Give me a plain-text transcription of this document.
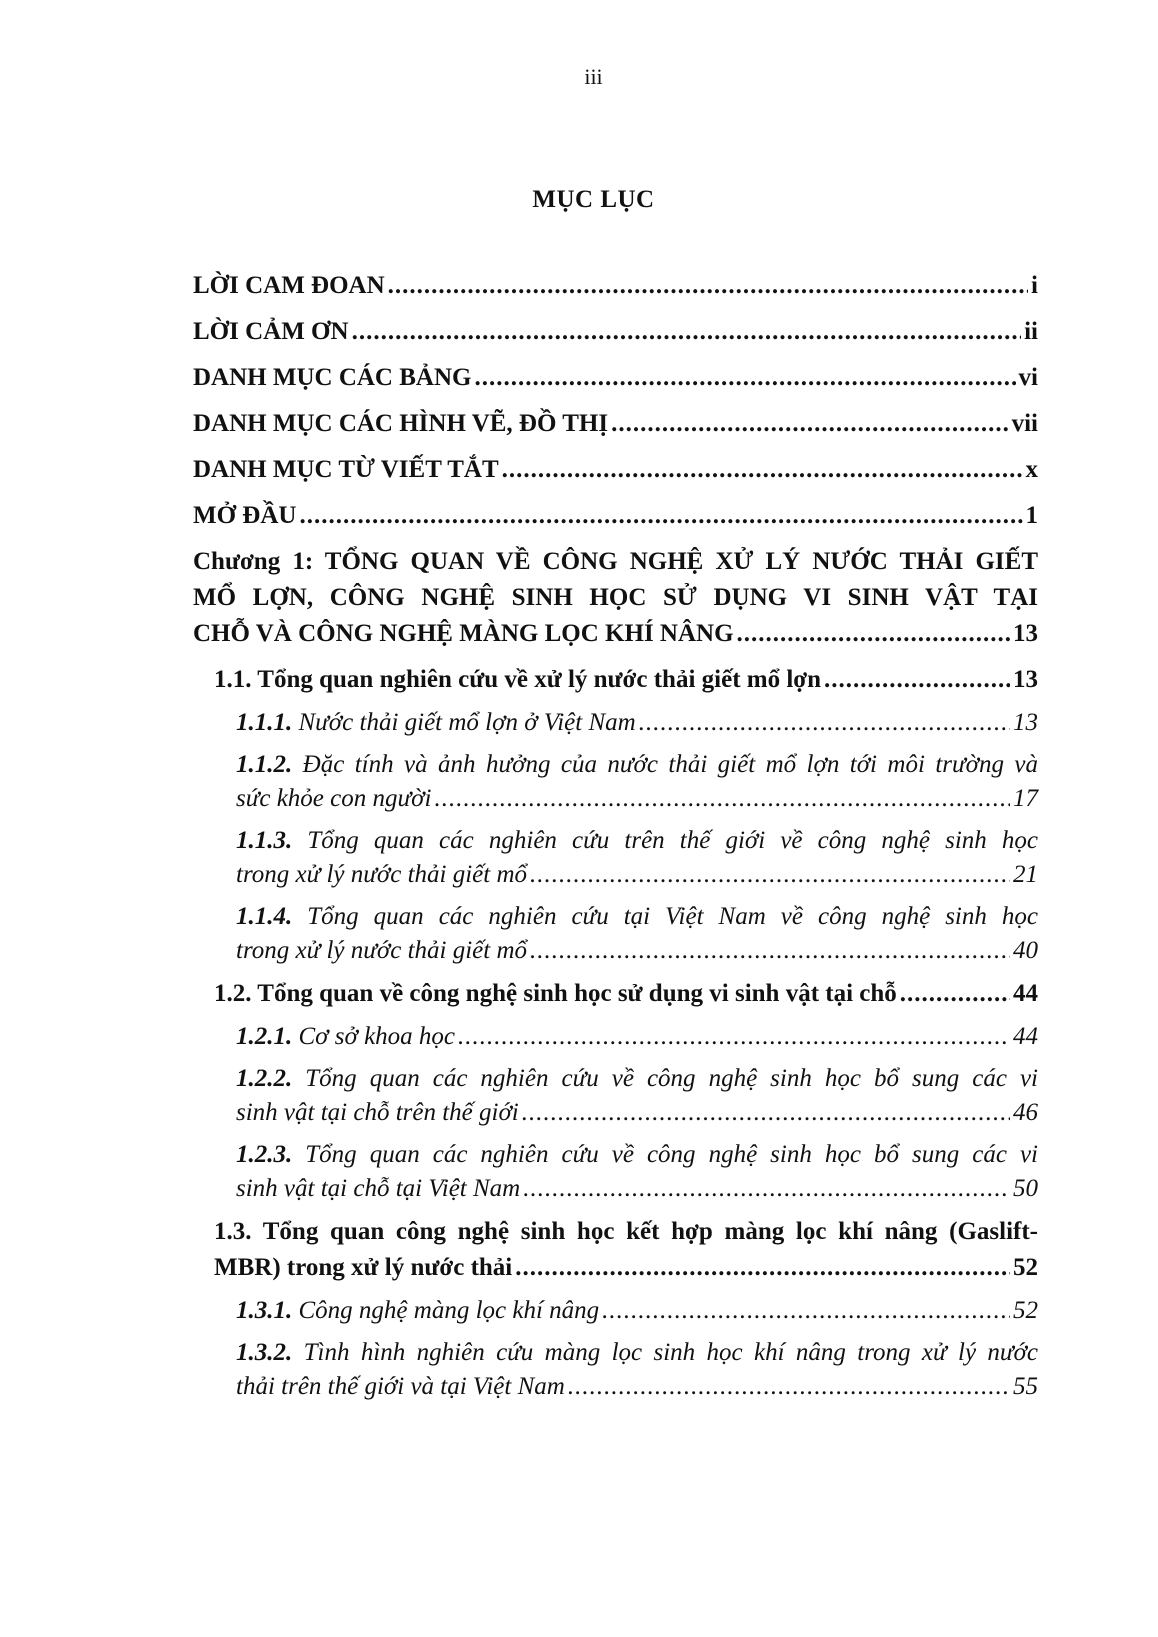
iii
MỤC LỤC
LỜI CAM ĐOAN .....	i
LỜI CẢM ƠN .....	ii
DANH MỤC CÁC BẢNG .....	vi
DANH MỤC CÁC HÌNH VẼ, ĐỒ THỊ .....	vii
DANH MỤC TỪ VIẾT TẮT .....	x
MỞ ĐẦU .....	1
Chương 1: TỔNG QUAN VỀ CÔNG NGHỆ XỬ LÝ NƯỚC THẢI GIẾT
MỔ LỢN, CÔNG NGHỆ SINH HỌC SỬ DỤNG VI SINH VẬT TẠI
CHỖ VÀ CÔNG NGHỆ MÀNG LỌC KHÍ NÂNG .....	13
1.1. Tổng quan nghiên cứu về xử lý nước thải giết mổ lợn .....	13
1.1.1. Nước thải giết mổ lợn ở Việt Nam .....	13
1.1.2. Đặc tính và ảnh hưởng của nước thải giết mổ lợn tới môi trường và
sức khỏe con người .....	17
1.1.3. Tổng quan các nghiên cứu trên thế giới về công nghệ sinh học
trong xử lý nước thải giết mổ .....	21
1.1.4. Tổng quan các nghiên cứu tại Việt Nam về công nghệ sinh học
trong xử lý nước thải giết mổ .....	40
1.2. Tổng quan về công nghệ sinh học sử dụng vi sinh vật tại chỗ .....	44
1.2.1. Cơ sở khoa học .....	44
1.2.2. Tổng quan các nghiên cứu về công nghệ sinh học bổ sung các vi
sinh vật tại chỗ trên thế giới .....	46
1.2.3. Tổng quan các nghiên cứu về công nghệ sinh học bổ sung các vi
sinh vật tại chỗ tại Việt Nam .....	50
1.3. Tổng quan công nghệ sinh học kết hợp màng lọc khí nâng (Gaslift-
MBR) trong xử lý nước thải .....	52
1.3.1. Công nghệ màng lọc khí nâng .....	52
1.3.2. Tình hình nghiên cứu màng lọc sinh học khí nâng trong xử lý nước
thải trên thế giới và tại Việt Nam .....	55
